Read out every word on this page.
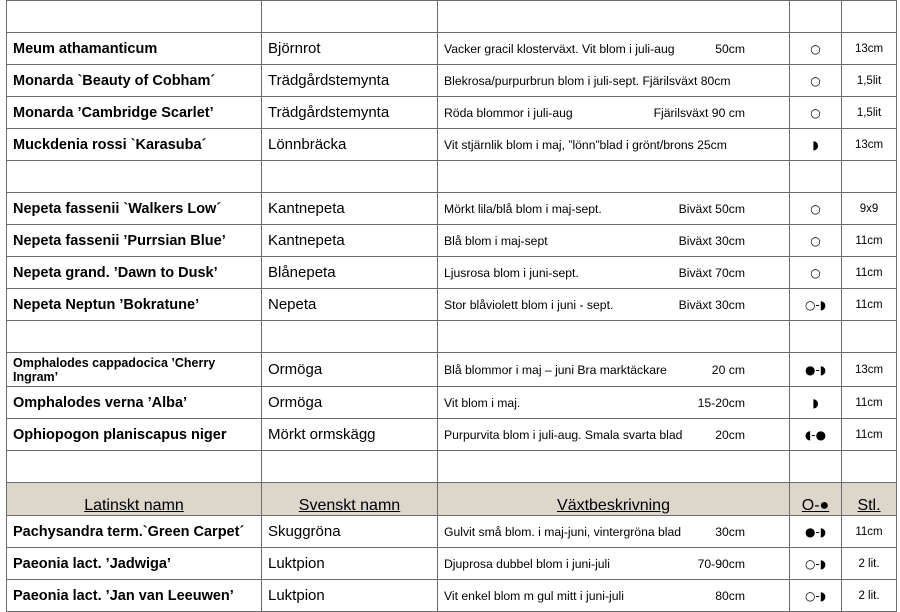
Meum athamanticum	Björnrot	Vacker gracil klosterväxt. Vit blom i juli-aug 50cm	○	13cm
Monarda `Beauty of Cobham´	Trädgårdstemynta	Blekrosa/purpurbrun blom i juli-sept. Fjärilsväxt 80cm	○	1,5lit
Monarda ’Cambridge Scarlet’	Trädgårdstemynta	Röda blommor i juli-aug Fjärilsväxt 90 cm	○	1,5lit
Muckdenia rossi `Karasuba´	Lönnbräcka	Vit stjärnlik blom i maj, ”lönn”blad i grönt/brons 25cm	◗	13cm

Nepeta fassenii `Walkers Low´	Kantnepeta	Mörkt lila/blå blom i maj-sept. Biväxt 50cm	○	9x9
Nepeta fassenii ’Purrsian Blue’	Kantnepeta	Blå blom i maj-sept Biväxt 30cm	○	11cm
Nepeta grand. ’Dawn to Dusk’	Blånepeta	Ljusrosa blom i juni-sept. Biväxt 70cm	○	11cm
Nepeta Neptun ’Bokratune’	Nepeta	Stor blåviolett blom i juni - sept. Biväxt 30cm	○-◗	11cm

Omphalodes cappadocica ’Cherry Ingram’	Ormöga	Blå blommor i maj – juni Bra marktäckare 20 cm	●-◗	13cm
Omphalodes verna ’Alba’	Ormöga	Vit blom i maj. 15-20cm	◗	11cm
Ophiopogon planiscapus niger	Mörkt ormskägg	Purpurvita blom i juli-aug. Smala svarta blad 20cm	◖-●	11cm

Latinskt namn	Svenskt namn	Växtbeskrivning	O-●	Stl.
Pachysandra term.`Green Carpet´	Skuggröna	Gulvit små blom. i maj-juni, vintergröna blad 30cm	●-◗	11cm
Paeonia lact. ’Jadwiga’	Luktpion	Djuprosa dubbel blom i juni-juli 70-90cm	○-◗	2 lit.
Paeonia lact. ’Jan van Leeuwen’	Luktpion	Vit enkel blom m gul mitt i juni-juli 80cm	○-◗	2 lit.
